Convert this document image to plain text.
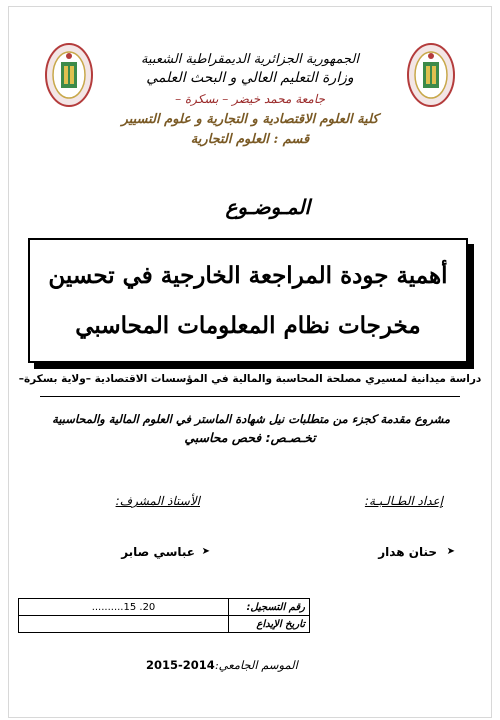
الجمهورية الجزائرية الديمقراطية الشعبية
وزارة التعليم العالي و البحث العلمي
جامعة محمد خيضر – بسكرة –
كلية العلوم الاقتصادية و التجارية و علوم التسيير
قسم : العلوم التجارية
المـوضـوع
أهمية جودة المراجعة الخارجية في تحسين
مخرجات نظام المعلومات المحاسبي
دراسة ميدانية لمسيري مصلحة المحاسبة والمالية في المؤسسات الاقتصادية –ولاية بسكرة–
مشروع مقدمة كجزء من متطلبات نيل شهادة الماستر في العلوم المالية والمحاسبية
تخـصـص: فحص محاسبي
إعداد الطـالـبـة:
الأستاذ المشرف:
➤
حنان هدار
➤
عباسي صابر
رقم التسجيل:	..........15 .20
تاريخ الإيداع	
الموسم الجامعي:2014-2015
